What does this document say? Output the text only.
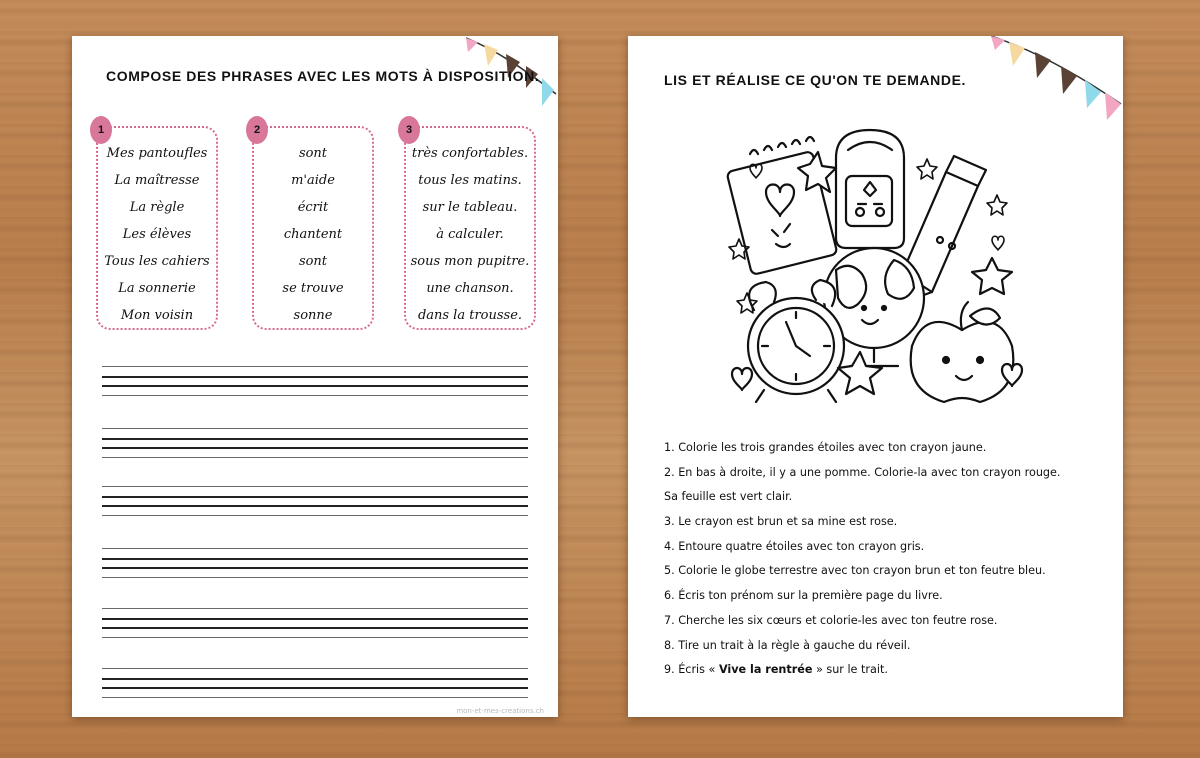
COMPOSE DES PHRASES AVEC LES MOTS À DISPOSITION.
1
Mes pantoufles
La maîtresse
La règle
Les élèves
Tous les cahiers
La sonnerie
Mon voisin
2
sont
m'aide
écrit
chantent
sont
se trouve
sonne
3
très confortables.
tous les matins.
sur le tableau.
à calculer.
sous mon pupitre.
une chanson.
dans la trousse.
mon-et-mes-creations.ch
LIS ET RÉALISE CE QU'ON TE DEMANDE.
1. Colorie les trois grandes étoiles avec ton crayon jaune.
2. En bas à droite, il y a une pomme. Colorie-la avec ton crayon rouge.
Sa feuille est vert clair.
3. Le crayon est brun et sa mine est rose.
4. Entoure quatre étoiles avec ton crayon gris.
5. Colorie le globe terrestre avec ton crayon brun et ton feutre bleu.
6. Écris ton prénom sur la première page du livre.
7. Cherche les six cœurs et colorie-les avec ton feutre rose.
8. Tire un trait à la règle à gauche du réveil.
9. Écris « Vive la rentrée » sur le trait.
